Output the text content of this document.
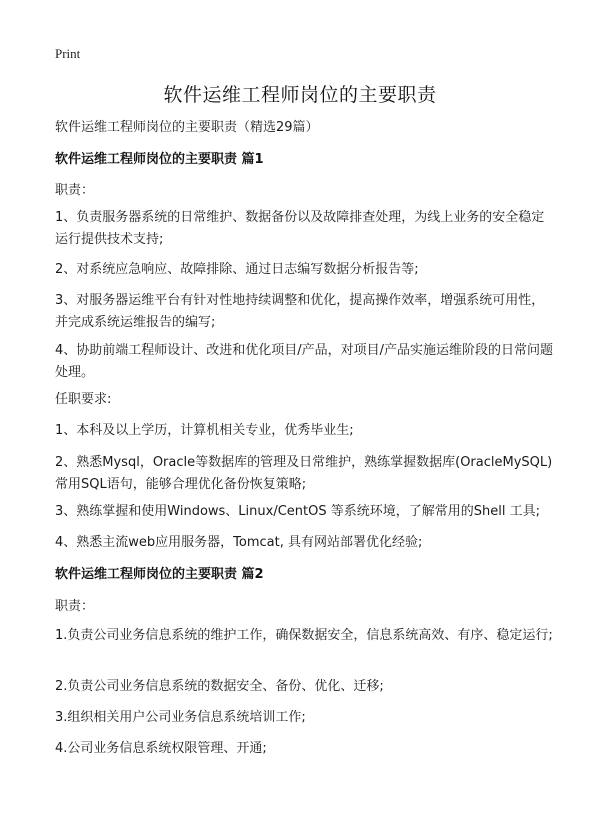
Print
软件运维工程师岗位的主要职责
软件运维工程师岗位的主要职责（精选29篇）
软件运维工程师岗位的主要职责 篇1
职责：
1、负责服务器系统的日常维护、数据备份以及故障排查处理，为线上业务的安全稳定运行提供技术支持;
2、对系统应急响应、故障排除、通过日志编写数据分析报告等;
3、对服务器运维平台有针对性地持续调整和优化，提高操作效率，增强系统可用性，并完成系统运维报告的编写;
4、协助前端工程师设计、改进和优化项目/产品，对项目/产品实施运维阶段的日常问题处理。
任职要求:
1、本科及以上学历，计算机相关专业，优秀毕业生;
2、熟悉Mysql，Oracle等数据库的管理及日常维护，熟练掌握数据库(OracleMySQL) 常用SQL语句，能够合理优化备份恢复策略;
3、熟练掌握和使用Windows、Linux/CentOS 等系统环境，了解常用的Shell 工具;
4、熟悉主流web应用服务器，Tomcat, 具有网站部署优化经验;
软件运维工程师岗位的主要职责 篇2
职责：
1.负责公司业务信息系统的维护工作，确保数据安全，信息系统高效、有序、稳定运行;
2.负责公司业务信息系统的数据安全、备份、优化、迁移;
3.组织相关用户公司业务信息系统培训工作;
4.公司业务信息系统权限管理、开通;
